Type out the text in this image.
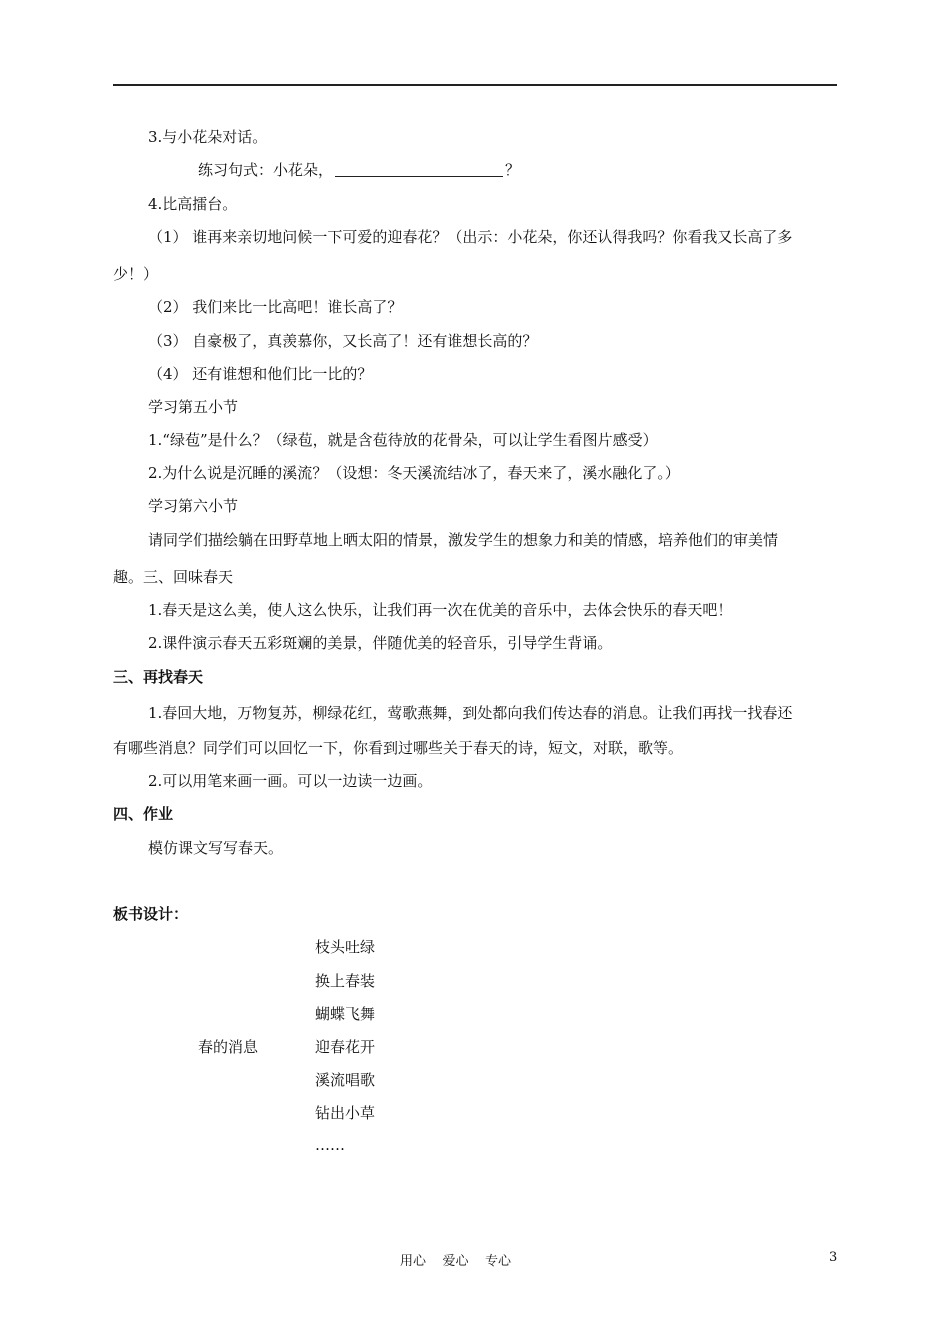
3.与小花朵对话。
练习句式：小花朵，	？
4.比高擂台。
（1） 谁再来亲切地问候一下可爱的迎春花？（出示：小花朵，你还认得我吗？你看我又长高了多
少！）
（2） 我们来比一比高吧！谁长高了？
（3） 自豪极了，真羡慕你，又长高了！还有谁想长高的？
（4） 还有谁想和他们比一比的？
学习第五小节
1.“绿苞”是什么？（绿苞，就是含苞待放的花骨朵，可以让学生看图片感受）
2.为什么说是沉睡的溪流？（设想：冬天溪流结冰了，春天来了，溪水融化了。）
学习第六小节
请同学们描绘躺在田野草地上晒太阳的情景，激发学生的想象力和美的情感，培养他们的审美情
趣。三、回味春天
1.春天是这么美，使人这么快乐，让我们再一次在优美的音乐中，去体会快乐的春天吧！
2.课件演示春天五彩斑斓的美景，伴随优美的轻音乐，引导学生背诵。
三、再找春天
1.春回大地，万物复苏，柳绿花红，莺歌燕舞，到处都向我们传达春的消息。让我们再找一找春还
有哪些消息？同学们可以回忆一下，你看到过哪些关于春天的诗，短文，对联，歌等。
2.可以用笔来画一画。可以一边读一边画。
四、作业
模仿课文写写春天。
板书设计：
春的消息
枝头吐绿
换上春装
蝴蝶飞舞
迎春花开
溪流唱歌
钻出小草
……
用心    爱心    专心	3
